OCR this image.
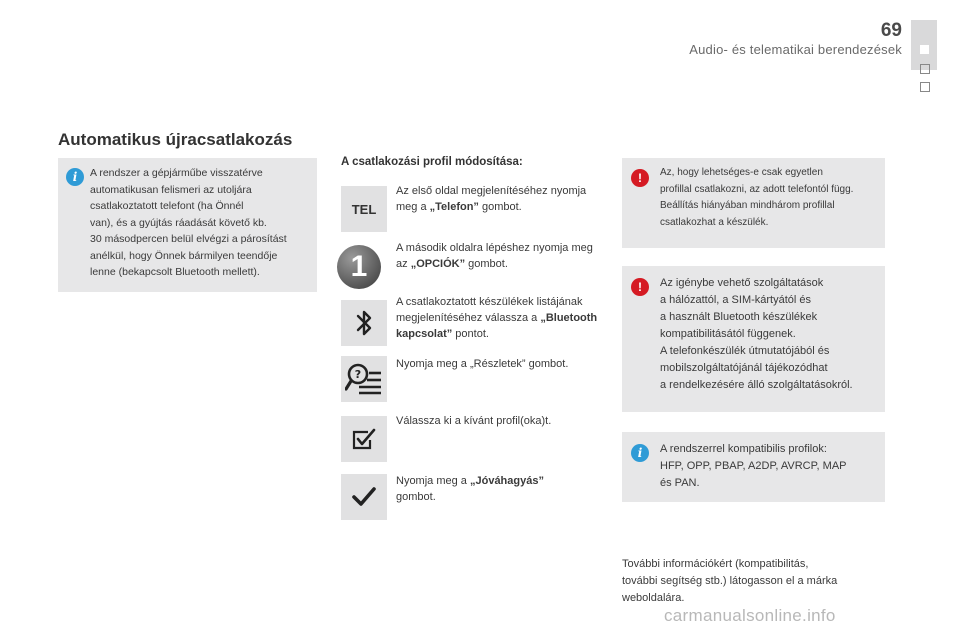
69
Audio- és telematikai berendezések
Automatikus újracsatlakozás
i	A rendszer a gépjárműbe visszatérve

automatikusan felismeri az utoljára

csatlakoztatott telefont (ha Önnél

van), és a gyújtás ráadását követő kb.

30 másodpercen belül elvégzi a párosítást

anélkül, hogy Önnek bármilyen teendője

lenne (bekapcsolt Bluetooth mellett).

A csatlakozási profil módosítása:
TEL
Az első oldal megjelenítéséhez nyomja meg a „Telefon” gombot.
1
A második oldalra lépéshez nyomja meg az „OPCIÓK” gombot.
A csatlakoztatott készülékek listájának megjelenítéséhez válassza a „Bluetooth kapcsolat” pontot.
?
Nyomja meg a „Részletek” gombot.
Válassza ki a kívánt profil(oka)t.
Nyomja meg a „Jóváhagyás” gombot.
!	Az, hogy lehetséges-e csak egyetlen

profillal csatlakozni, az adott telefontól függ.

Beállítás hiányában mindhárom profillal

csatlakozhat a készülék.

!	Az igénybe vehető szolgáltatások

a hálózattól, a SIM-kártyától és

a használt Bluetooth készülékek

kompatibilitásától függenek.

A telefonkészülék útmutatójából és

mobilszolgáltatójánál tájékozódhat

a rendelkezésére álló szolgáltatásokról.

i	A rendszerrel kompatibilis profilok:

HFP, OPP, PBAP, A2DP, AVRCP, MAP

és PAN.

További információkért (kompatibilitás,
további segítség stb.) látogasson el a márka
weboldalára.
carmanualsonline.info
